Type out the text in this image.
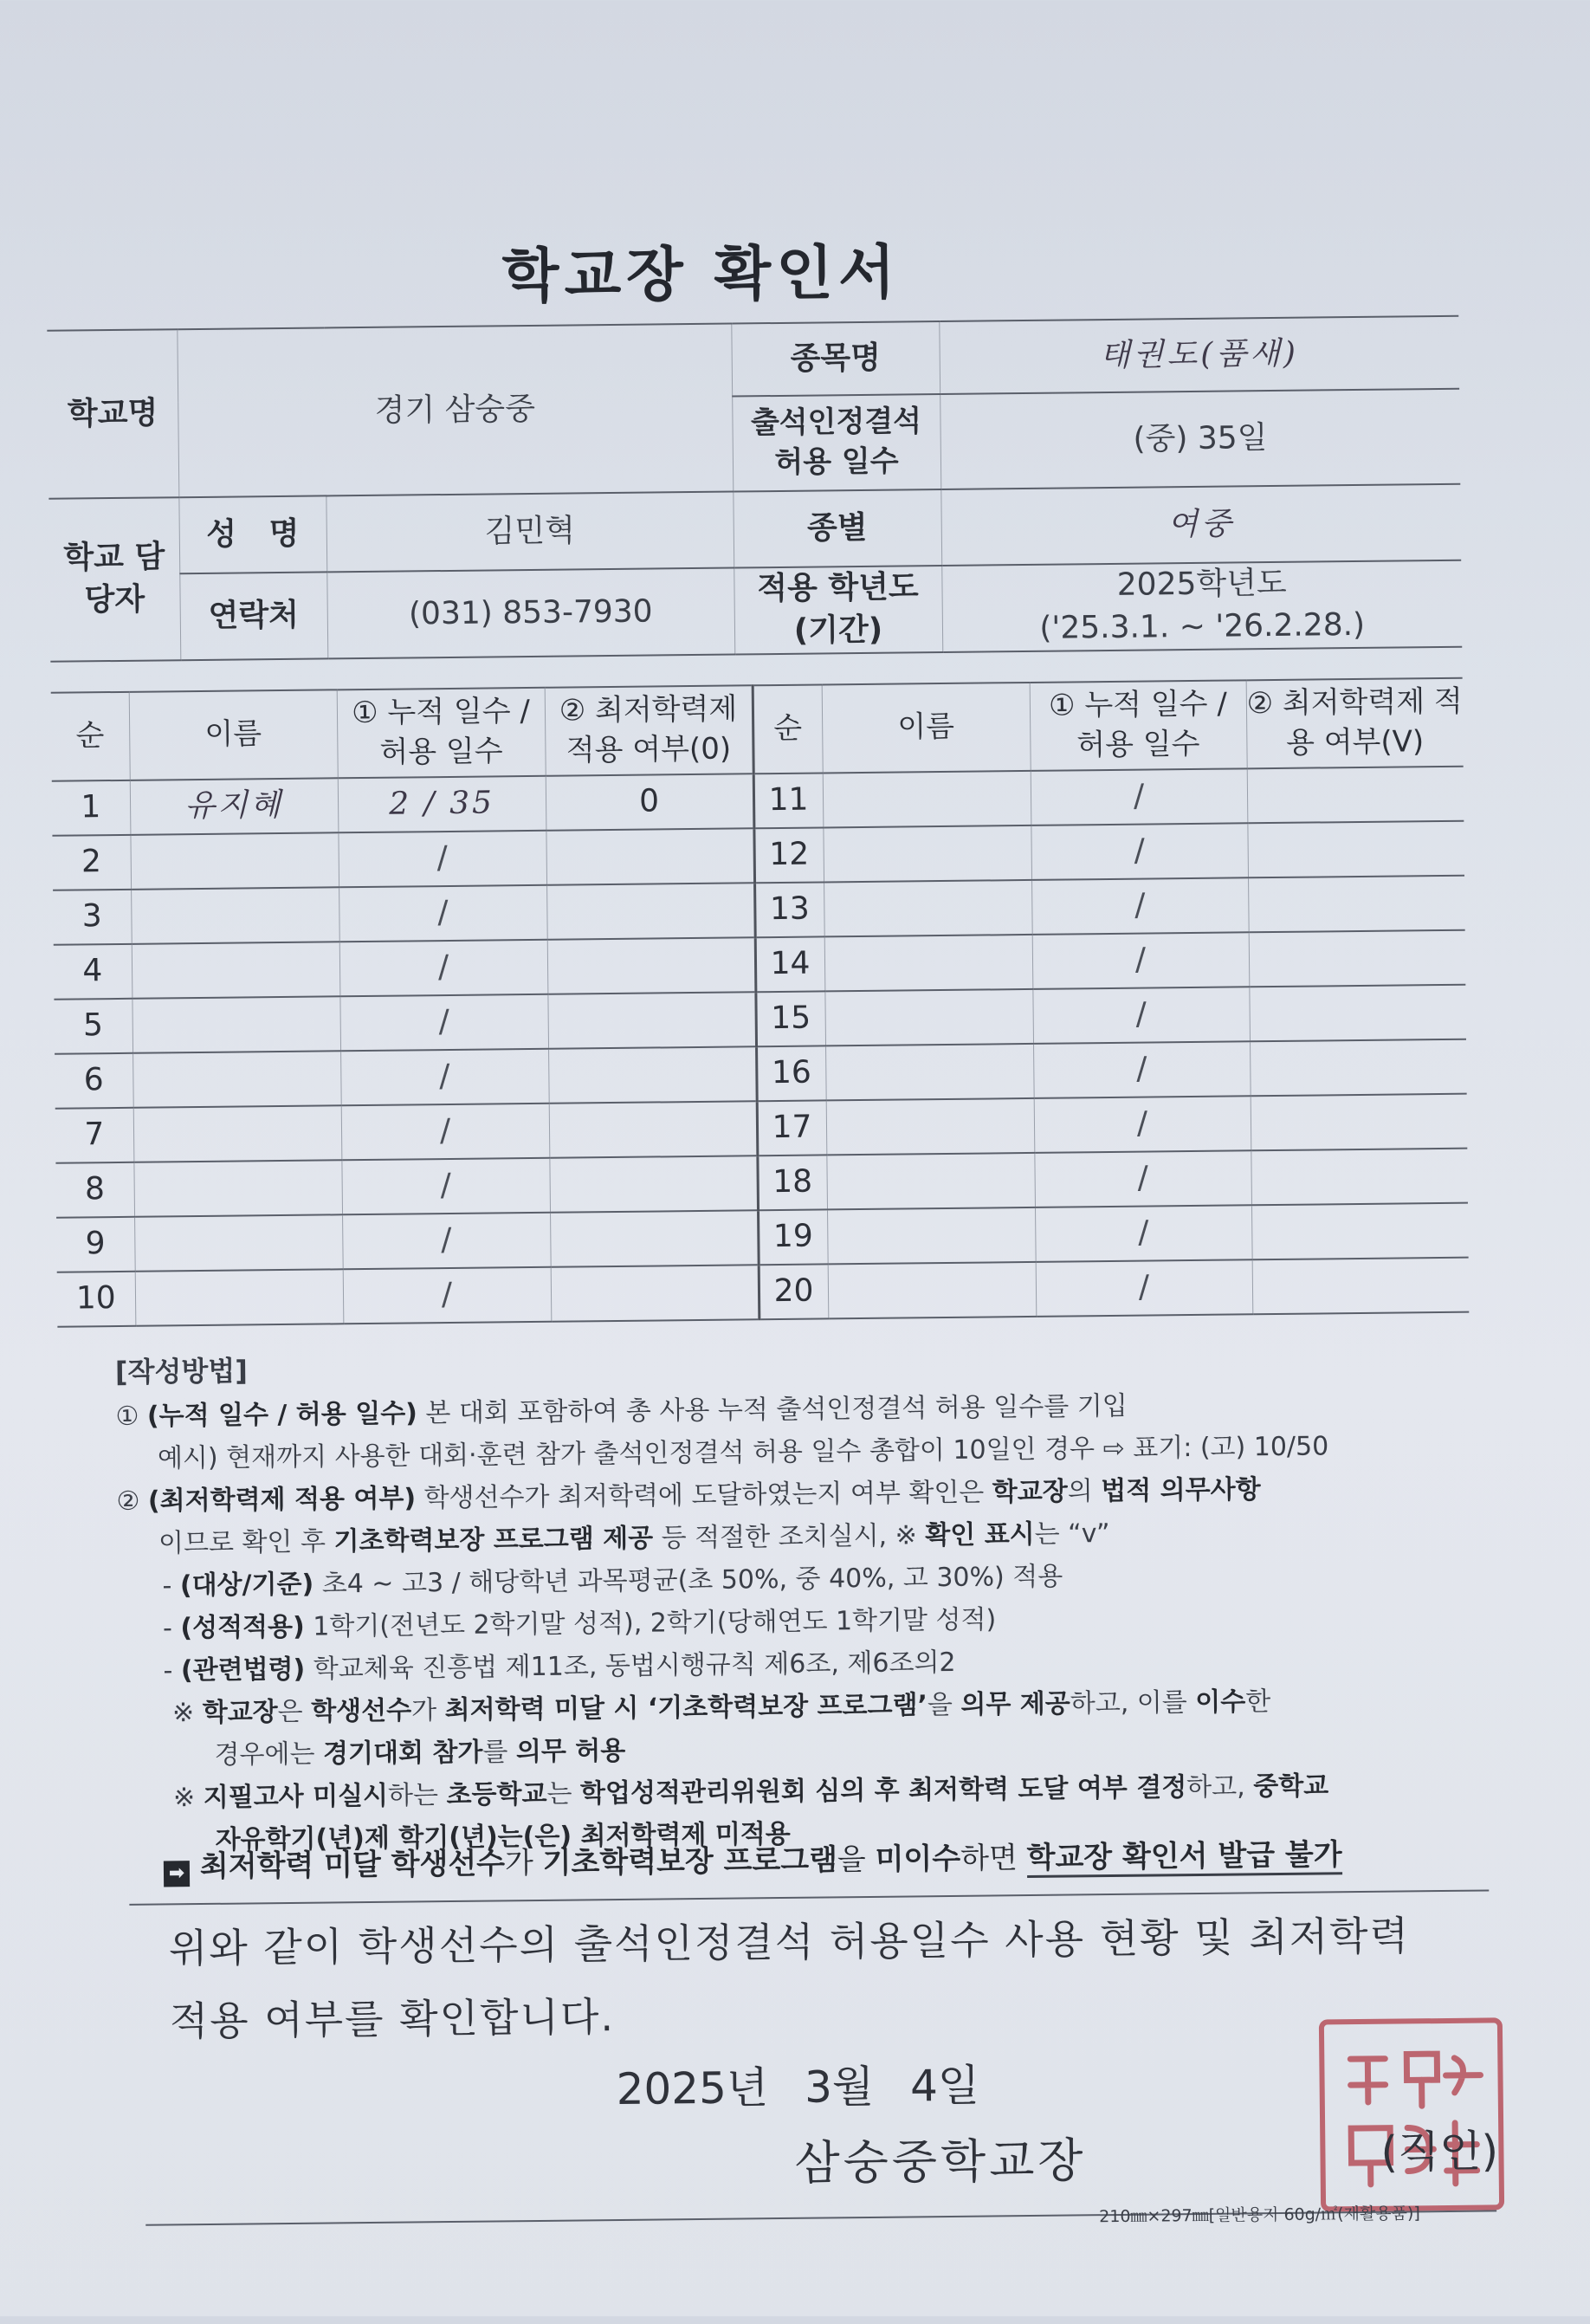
학교장 확인서
학교명	경기 삼숭중		종목명	태권도(품새)
			출석인정결석 허용 일수	(중) 35일
학교 담당자	성   명	김민혁	종별	여중
	연락처	(031) 853-7930	적용 학년도 (기간)	2025학년도
('25.3.1. ~ '26.2.28.)
순	이름	① 누적 일수 / 허용 일수	② 최저학력제 적용 여부(0)	순	이름	① 누적 일수 / 허용 일수	② 최저학력제 적용 여부(V)
1	유지혜	2 / 35	0	11		/	
2		/		12		/	
3		/		13		/	
4		/		14		/	
5		/		15		/	
6		/		16		/	
7		/		17		/	
8		/		18		/	
9		/		19		/	
10		/		20		/	
[작성방법]
① (누적 일수 / 허용 일수) 본 대회 포함하여 총 사용 누적 출석인정결석 허용 일수를 기입
예시) 현재까지 사용한 대회·훈련 참가 출석인정결석 허용 일수 총합이 10일인 경우 ⇨ 표기: (고) 10/50
② (최저학력제 적용 여부) 학생선수가 최저학력에 도달하였는지 여부 확인은 학교장의 법적 의무사항
이므로 확인 후 기초학력보장 프로그램 제공 등 적절한 조치실시, ※ 확인 표시는 “v”
- (대상/기준) 초4 ~ 고3 / 해당학년 과목평균(초 50%, 중 40%, 고 30%) 적용
- (성적적용) 1학기(전년도 2학기말 성적), 2학기(당해연도 1학기말 성적)
- (관련법령) 학교체육 진흥법 제11조, 동법시행규칙 제6조, 제6조의2
※ 학교장은 학생선수가 최저학력 미달 시 ‘기초학력보장 프로그램’을 의무 제공하고, 이를 이수한
경우에는 경기대회 참가를 의무 허용
※ 지필고사 미실시하는 초등학교는 학업성적관리위원회 심의 후 최저학력 도달 여부 결정하고, 중학교
자유학기(년)제 학기(년)는(은) 최저학력제 미적용
➡ 최저학력 미달 학생선수가 기초학력보장 프로그램을 미이수하면 학교장 확인서 발급 불가
위와 같이 학생선수의 출석인정결석 허용일수 사용 현황 및 최저학력
적용 여부를 확인합니다.
2025년 3월 4일
삼숭중학교장	(직인)
210㎜×297㎜[일반용지 60g/㎡(재활용품)]
